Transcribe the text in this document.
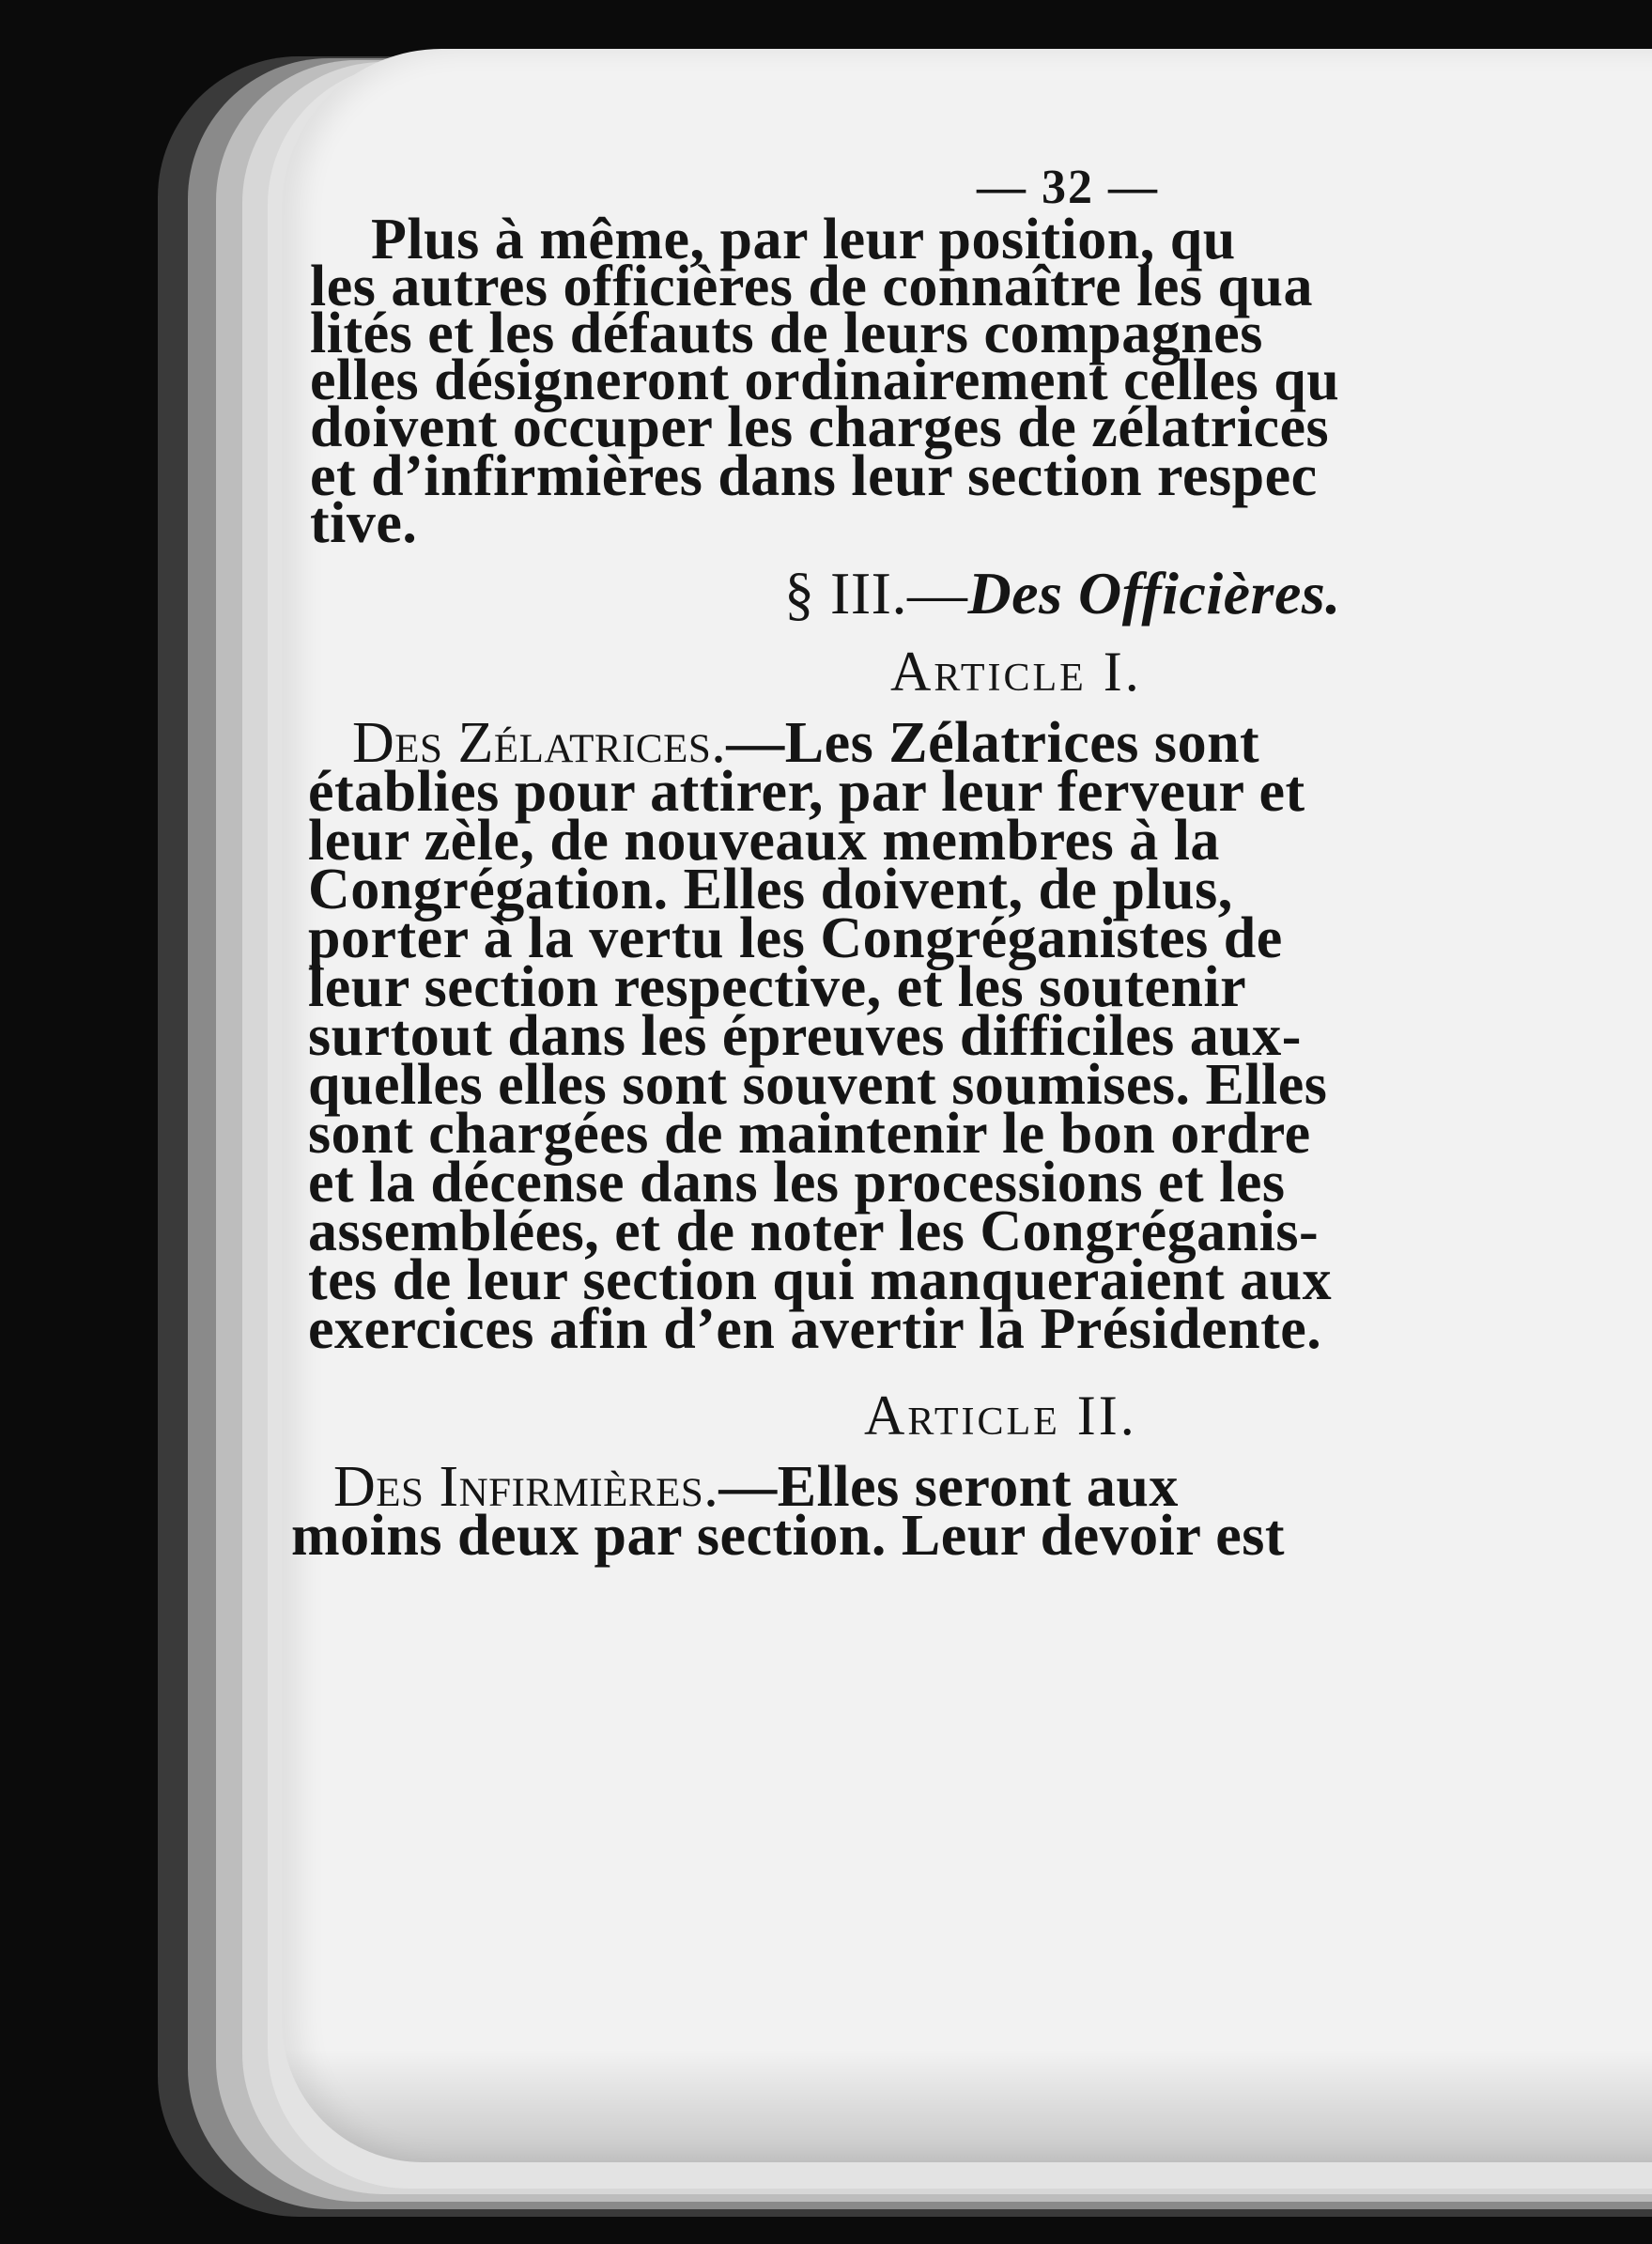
— 32 —
Plus à même, par leur position, qu
les autres officières de connaître les qua
lités et les défauts de leurs compagnes
elles désigneront ordinairement celles qu
doivent occuper les charges de zélatrices
et d’infirmières dans leur section respec
tive.
§ III.—Des Officières.
Article I.
Des Zélatrices.—Les Zélatrices sont
établies pour attirer, par leur ferveur et
leur zèle, de nouveaux membres à la
Congrégation. Elles doivent, de plus,
porter à la vertu les Congréganistes de
leur section respective, et les soutenir
surtout dans les épreuves difficiles aux-
quelles elles sont souvent soumises. Elles
sont chargées de maintenir le bon ordre
et la décense dans les processions et les
assemblées, et de noter les Congréganis-
tes de leur section qui manqueraient aux
exercices afin d’en avertir la Présidente.
Article II.
Des Infirmières.—Elles seront aux
moins deux par section. Leur devoir est
